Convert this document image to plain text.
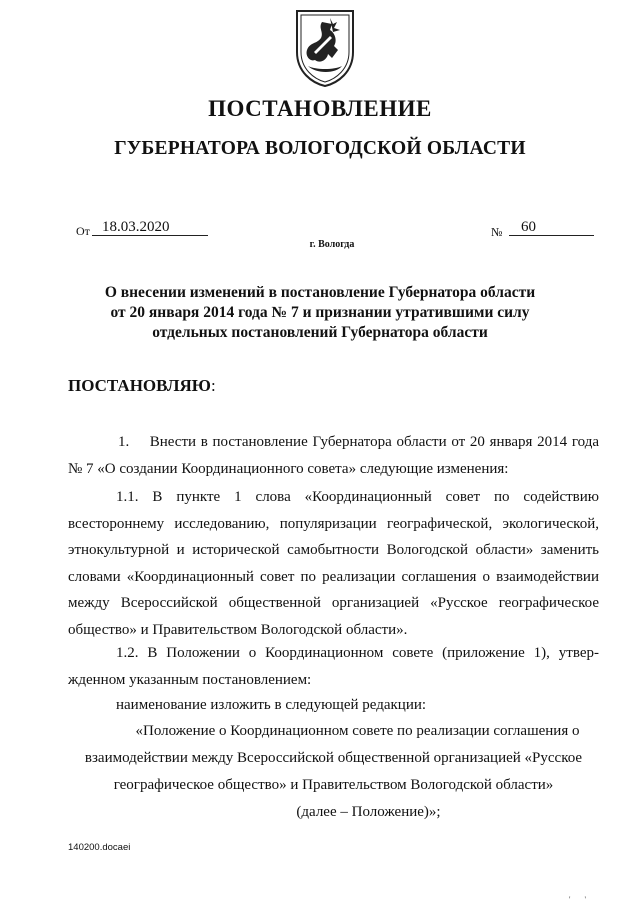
ПОСТАНОВЛЕНИЕ
ГУБЕРНАТОРА ВОЛОГОДСКОЙ ОБЛАСТИ
От 18.03.2020	№	60
г. Вологда
О внесении изменений в постановление Губернатора области
от 20 января 2014 года № 7 и признании утратившими силу
отдельных постановлений Губернатора области
ПОСТАНОВЛЯЮ:
1. Внести в постановление Губернатора области от 20 января 2014 года
№ 7 «О создании Координационного совета» следующие изменения:
1.1. В пункте 1 слова «Координационный совет по содействию
всестороннему исследованию, популяризации географической, экологической,
этнокультурной и исторической самобытности Вологодской области» заменить
словами «Координационный совет по реализации соглашения о взаимодействии
между Всероссийской общественной организацией «Русское географическое
общество» и Правительством Вологодской области».
1.2. В Положении о Координационном совете (приложение 1), утвер-
жденном указанным постановлением:
наименование изложить в следующей редакции:
«Положение о Координационном совете по реализации соглашения о
взаимодействии между Всероссийской общественной организацией «Русское
географическое общество» и Правительством Вологодской области»
(далее – Положение)»;
140200.docaei
' '
